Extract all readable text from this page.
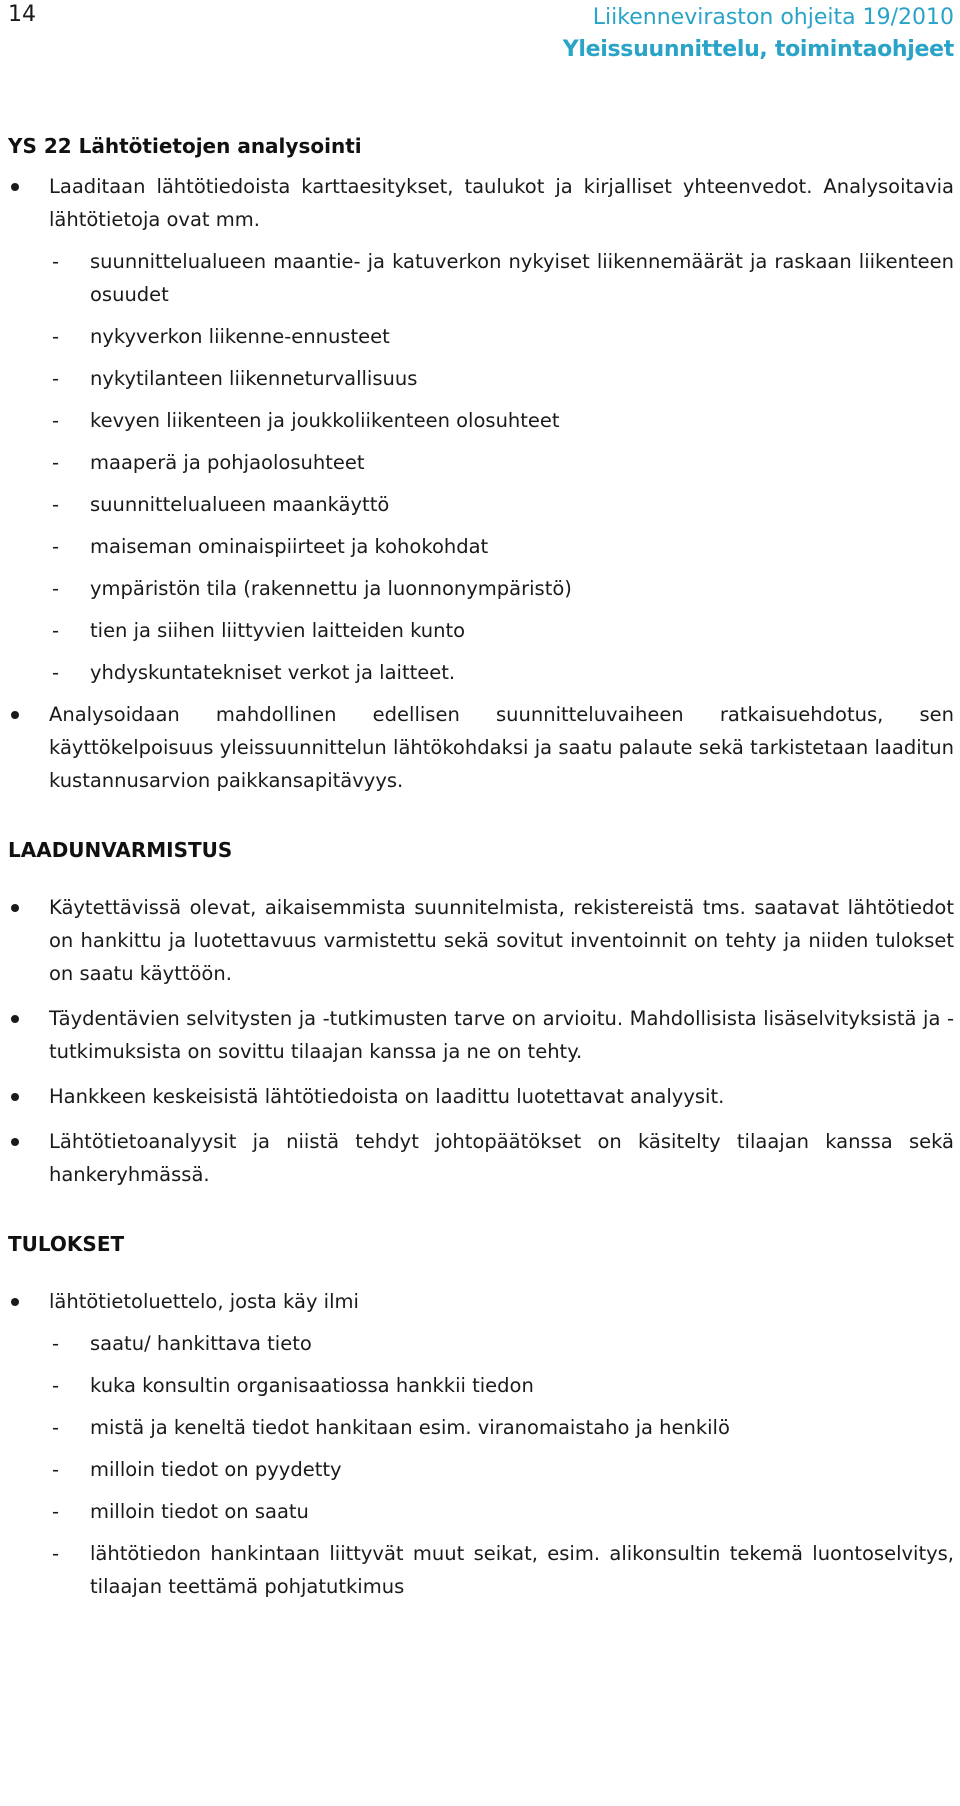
14	Liikenneviraston ohjeita 19/2010
Yleissuunnittelu, toimintaohjeet
YS 22 Lähtötietojen analysointi
Laaditaan lähtötiedoista karttaesitykset, taulukot ja kirjalliset yhteenvedot. Analysoitavia lähtötietoja ovat mm.
- suunnittelualueen maantie- ja katuverkon nykyiset liikennemäärät ja raskaan liikenteen osuudet
- nykyverkon liikenne-ennusteet
- nykytilanteen liikenneturvallisuus
- kevyen liikenteen ja joukkoliikenteen olosuhteet
- maaperä ja pohjaolosuhteet
- suunnittelualueen maankäyttö
- maiseman ominaispiirteet ja kohokohdat
- ympäristön tila (rakennettu ja luonnonympäristö)
- tien ja siihen liittyvien laitteiden kunto
- yhdyskuntatekniset verkot ja laitteet.
Analysoidaan mahdollinen edellisen suunnitteluvaiheen ratkaisuehdotus, sen käyttökelpoisuus yleissuunnittelun lähtökohdaksi ja saatu palaute sekä tarkistetaan laaditun kustannusarvion paikkansapitävyys.
LAADUNVARMISTUS
Käytettävissä olevat, aikaisemmista suunnitelmista, rekistereistä tms. saatavat lähtötiedot on hankittu ja luotettavuus varmistettu sekä sovitut inventoinnit on tehty ja niiden tulokset on saatu käyttöön.
Täydentävien selvitysten ja -tutkimusten tarve on arvioitu. Mahdollisista lisäselvityksistä ja -tutkimuksista on sovittu tilaajan kanssa ja ne on tehty.
Hankkeen keskeisistä lähtötiedoista on laadittu luotettavat analyysit.
Lähtötietoanalyysit ja niistä tehdyt johtopäätökset on käsitelty tilaajan kanssa sekä hankeryhmässä.
TULOKSET
lähtötietoluettelo, josta käy ilmi
- saatu/ hankittava tieto
- kuka konsultin organisaatiossa hankkii tiedon
- mistä ja keneltä tiedot hankitaan esim. viranomaistaho ja henkilö
- milloin tiedot on pyydetty
- milloin tiedot on saatu
- lähtötiedon hankintaan liittyvät muut seikat, esim. alikonsultin tekemä luontoselvitys, tilaajan teettämä pohjatutkimus
